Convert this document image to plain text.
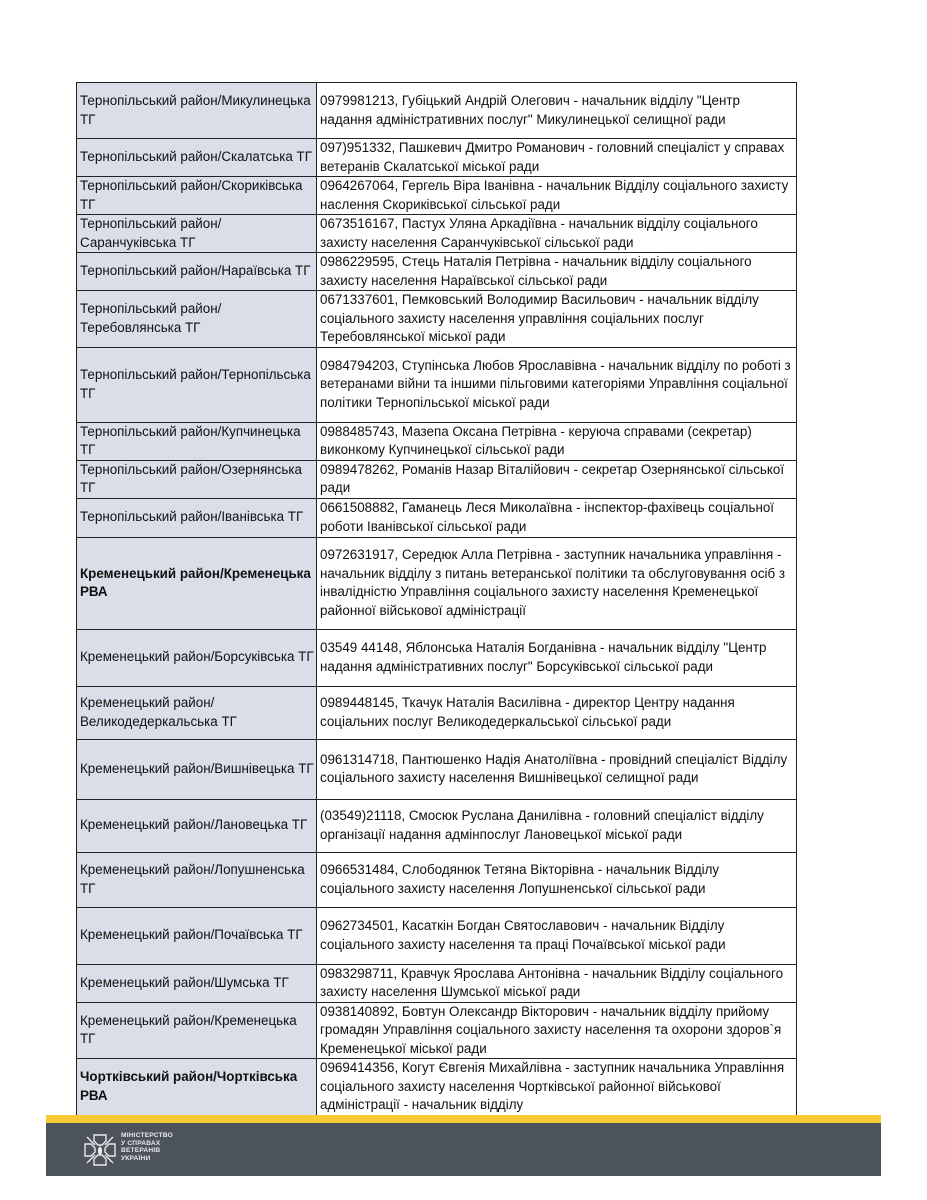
Тернопільський район/Микулинецька ТГ	0979981213, Губіцький Андрій Олегович - начальник відділу "Центр надання адміністративних послуг" Микулинецької селищної ради
Тернопільський район/Скалатська ТГ	097)951332, Пашкевич Дмитро Романович - головний спеціаліст у справах ветеранів Скалатської міської ради
Тернопільський район/Скориківська ТГ	0964267064, Гергель Віра Іванівна - начальник Відділу соціального захисту наслення Скориківської сільської ради
Тернопільський район/Саранчуківська ТГ	0673516167, Пастух Уляна Аркадіївна - начальник відділу соціального захисту населення Саранчуківської сільської ради
Тернопільський район/Нараївська ТГ	0986229595, Стець Наталія Петрівна - начальник відділу соціального захисту населення Нараївської сільської ради
Тернопільський район/Теребовлянська ТГ	0671337601, Пемковський Володимир Васильович - начальник відділу соціального захисту населення управління соціальних послуг Теребовлянської міської ради
Тернопільський район/Тернопільська ТГ	0984794203, Ступінська Любов Ярославівна - начальник відділу по роботі з ветеранами війни та іншими пільговими категоріями Управління соціальної політики Тернопільської міської ради
Тернопільський район/Купчинецька ТГ	0988485743, Мазепа Оксана Петрівна - керуюча справами (секретар) виконкому Купчинецької сільської ради
Тернопільський район/Озернянська ТГ	0989478262, Романів Назар Віталійович - секретар Озернянської сільської ради
Тернопільський район/Іванівська ТГ	0661508882, Гаманець Леся Миколаївна - інспектор-фахівець соціальної роботи Іванівської сільської ради
Кременецький район/Кременецька РВА	0972631917, Середюк Алла Петрівна - заступник начальника управління - начальник відділу з питань ветеранської політики та обслуговування осіб з інвалідністю Управління соціального захисту населення Кременецької районної військової адміністрації
Кременецький район/Борсуківська ТГ	03549 44148, Яблонська Наталія Богданівна - начальник відділу "Центр надання адміністративних послуг" Борсуківської сільської ради
Кременецький район/Великодедеркальська ТГ	0989448145, Ткачук Наталія Василівна - директор Центру надання соціальних послуг Великодедеркальської сільської ради
Кременецький район/Вишнівецька ТГ	0961314718, Пантюшенко Надія Анатоліївна - провідний спеціаліст Відділу соціального захисту населення Вишнівецької селищної ради
Кременецький район/Лановецька ТГ	(03549)21118, Смосюк Руслана Данилівна - головний спеціаліст відділу організації надання адмінпослуг Лановецької міської ради
Кременецький район/Лопушненська ТГ	0966531484, Слободянюк Тетяна Вікторівна - начальник Відділу соціального захисту населення Лопушненської сільської ради
Кременецький район/Почаївська ТГ	0962734501, Касаткін Богдан Святославович - начальник Відділу соціального захисту населення та праці Почаївської міської ради
Кременецький район/Шумська ТГ	0983298711, Кравчук Ярослава Антонівна - начальник Відділу соціального захисту населення Шумської міської ради
Кременецький район/Кременецька ТГ	0938140892, Бовтун Олександр Вікторович - начальник відділу прийому громадян Управління соціального захисту населення та охорони здоров`я Кременецької міської ради
Чортківський район/Чортківська РВА	0969414356, Когут Євгенія Михайлівна - заступник начальника Управління соціального захисту населення Чортківської районної військової адміністрації - начальник відділу
МІНІСТЕРСТВО
У СПРАВАХ
ВЕТЕРАНІВ
УКРАЇНИ
